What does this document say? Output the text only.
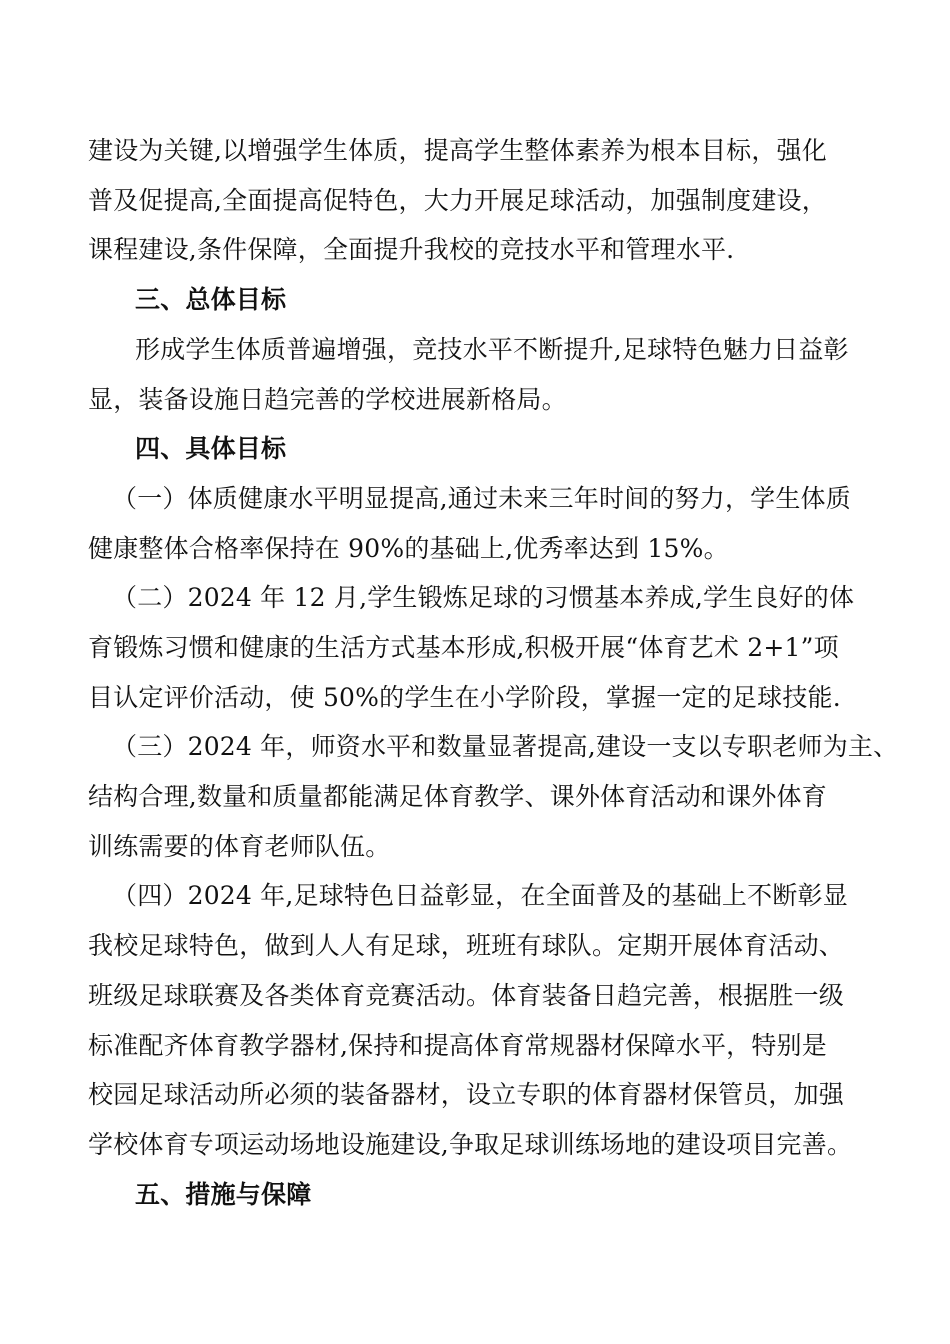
建设为关键,以增强学生体质，提高学生整体素养为根本目标，强化
普及促提高,全面提高促特色，大力开展足球活动，加强制度建设，
课程建设,条件保障，全面提升我校的竞技水平和管理水平.
三、总体目标
形成学生体质普遍增强，竞技水平不断提升,足球特色魅力日益彰
显，装备设施日趋完善的学校进展新格局。
四、具体目标
（一）体质健康水平明显提高,通过未来三年时间的努力，学生体质
健康整体合格率保持在 90%的基础上,优秀率达到 15%。
（二）2024 年 12 月,学生锻炼足球的习惯基本养成,学生良好的体
育锻炼习惯和健康的生活方式基本形成,积极开展“体育艺术 2+1”项
目认定评价活动，使 50%的学生在小学阶段，掌握一定的足球技能.
（三）2024 年，师资水平和数量显著提高,建设一支以专职老师为主、
结构合理,数量和质量都能满足体育教学、课外体育活动和课外体育
训练需要的体育老师队伍。
（四）2024 年,足球特色日益彰显，在全面普及的基础上不断彰显
我校足球特色，做到人人有足球，班班有球队。定期开展体育活动、
班级足球联赛及各类体育竞赛活动。体育装备日趋完善，根据胜一级
标准配齐体育教学器材,保持和提高体育常规器材保障水平，特别是
校园足球活动所必须的装备器材，设立专职的体育器材保管员，加强
学校体育专项运动场地设施建设,争取足球训练场地的建设项目完善。
五、措施与保障
